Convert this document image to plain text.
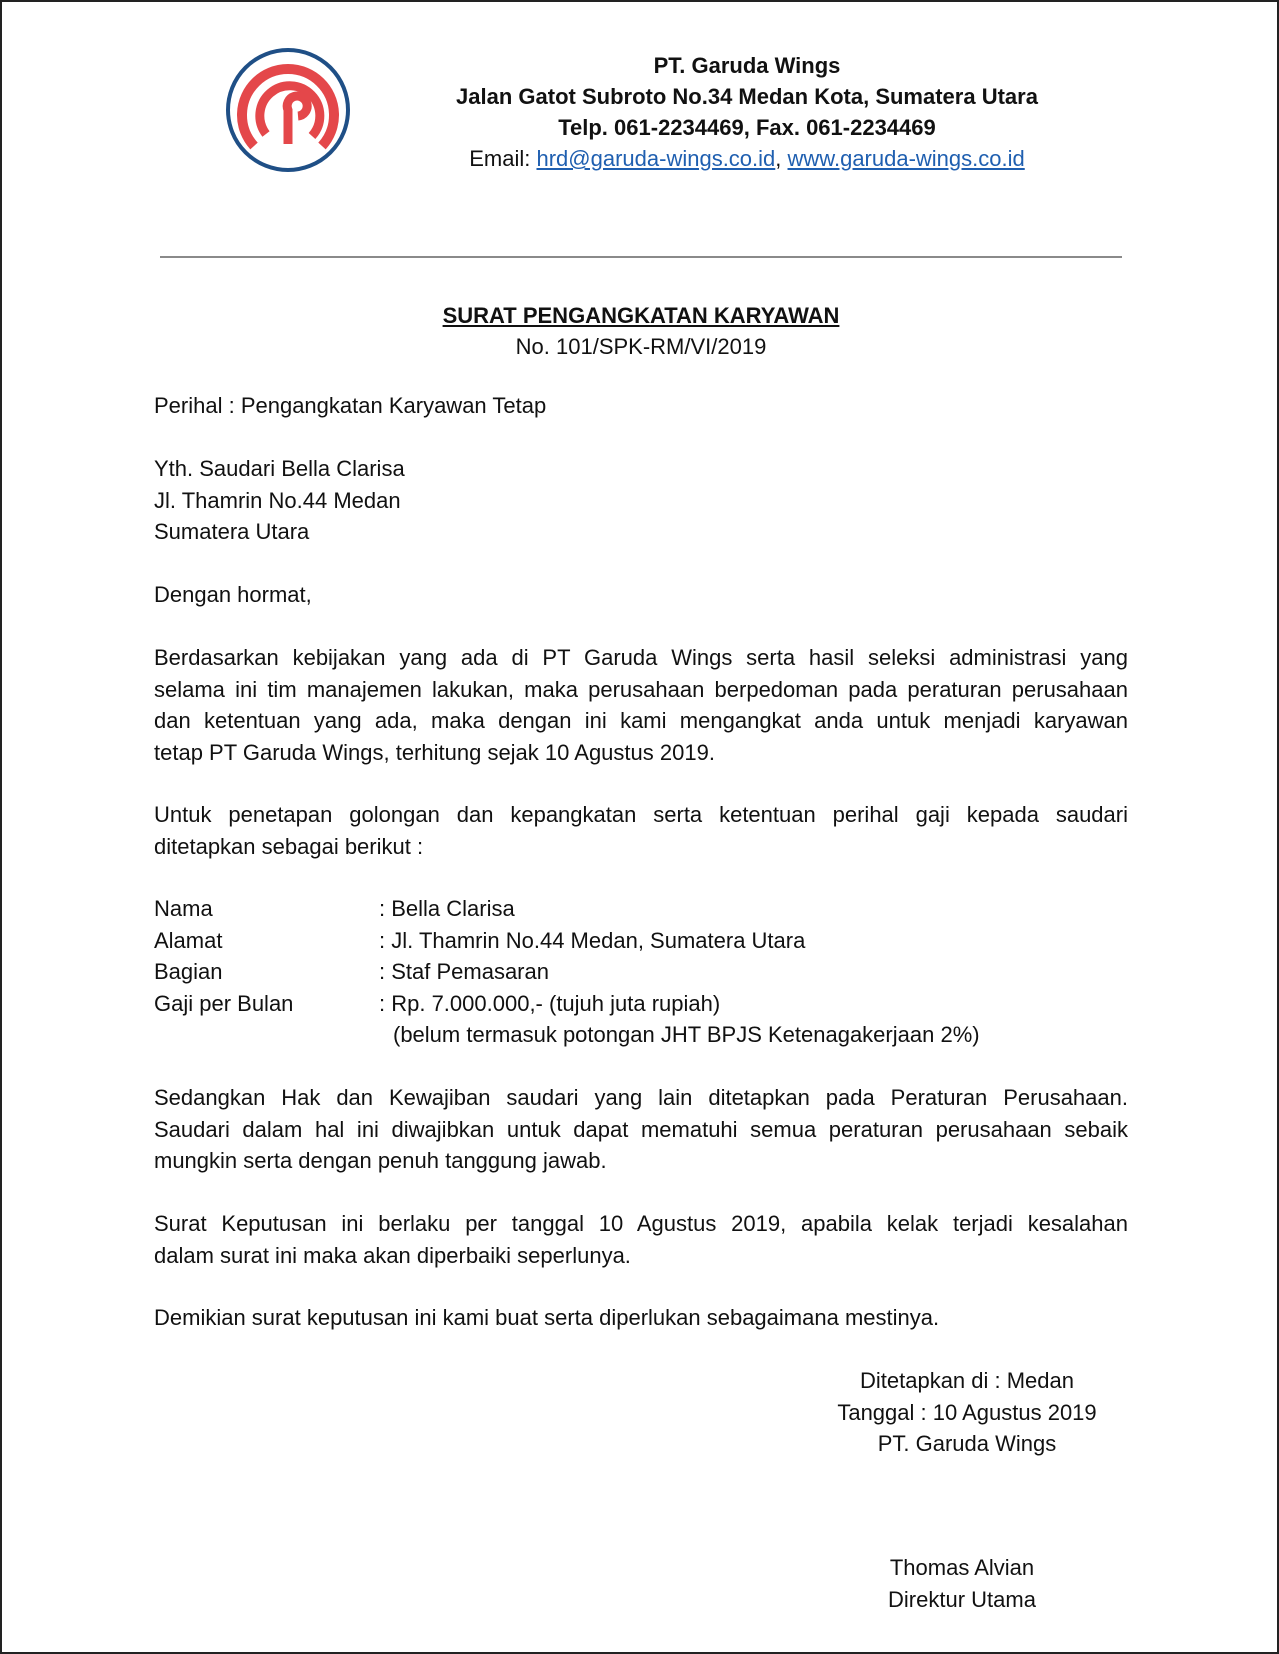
PT. Garuda Wings
Jalan Gatot Subroto No.34 Medan Kota, Sumatera Utara
Telp. 061-2234469, Fax. 061-2234469
Email: hrd@garuda-wings.co.id, www.garuda-wings.co.id
SURAT PENGANGKATAN KARYAWAN
No. 101/SPK-RM/VI/2019
Perihal : Pengangkatan Karyawan Tetap
Yth. Saudari Bella Clarisa
Jl. Thamrin No.44 Medan
Sumatera Utara
Dengan hormat,
Berdasarkan kebijakan yang ada di PT Garuda Wings serta hasil seleksi administrasi yang
selama ini tim manajemen lakukan, maka perusahaan berpedoman pada peraturan perusahaan
dan ketentuan yang ada, maka dengan ini kami mengangkat anda untuk menjadi karyawan
tetap PT Garuda Wings, terhitung sejak 10 Agustus 2019.
Untuk penetapan golongan dan kepangkatan serta ketentuan perihal gaji kepada saudari
ditetapkan sebagai berikut :
Nama	: Bella Clarisa
Alamat	: Jl. Thamrin No.44 Medan, Sumatera Utara
Bagian	: Staf Pemasaran
Gaji per Bulan	: Rp. 7.000.000,- (tujuh juta rupiah)
(belum termasuk potongan JHT BPJS Ketenagakerjaan 2%)
Sedangkan Hak dan Kewajiban saudari yang lain ditetapkan pada Peraturan Perusahaan.
Saudari dalam hal ini diwajibkan untuk dapat mematuhi semua peraturan perusahaan sebaik
mungkin serta dengan penuh tanggung jawab.
Surat Keputusan ini berlaku per tanggal 10 Agustus 2019, apabila kelak terjadi kesalahan
dalam surat ini maka akan diperbaiki seperlunya.
Demikian surat keputusan ini kami buat serta diperlukan sebagaimana mestinya.
Ditetapkan di : Medan
Tanggal : 10 Agustus 2019
PT. Garuda Wings
Thomas Alvian
Direktur Utama
